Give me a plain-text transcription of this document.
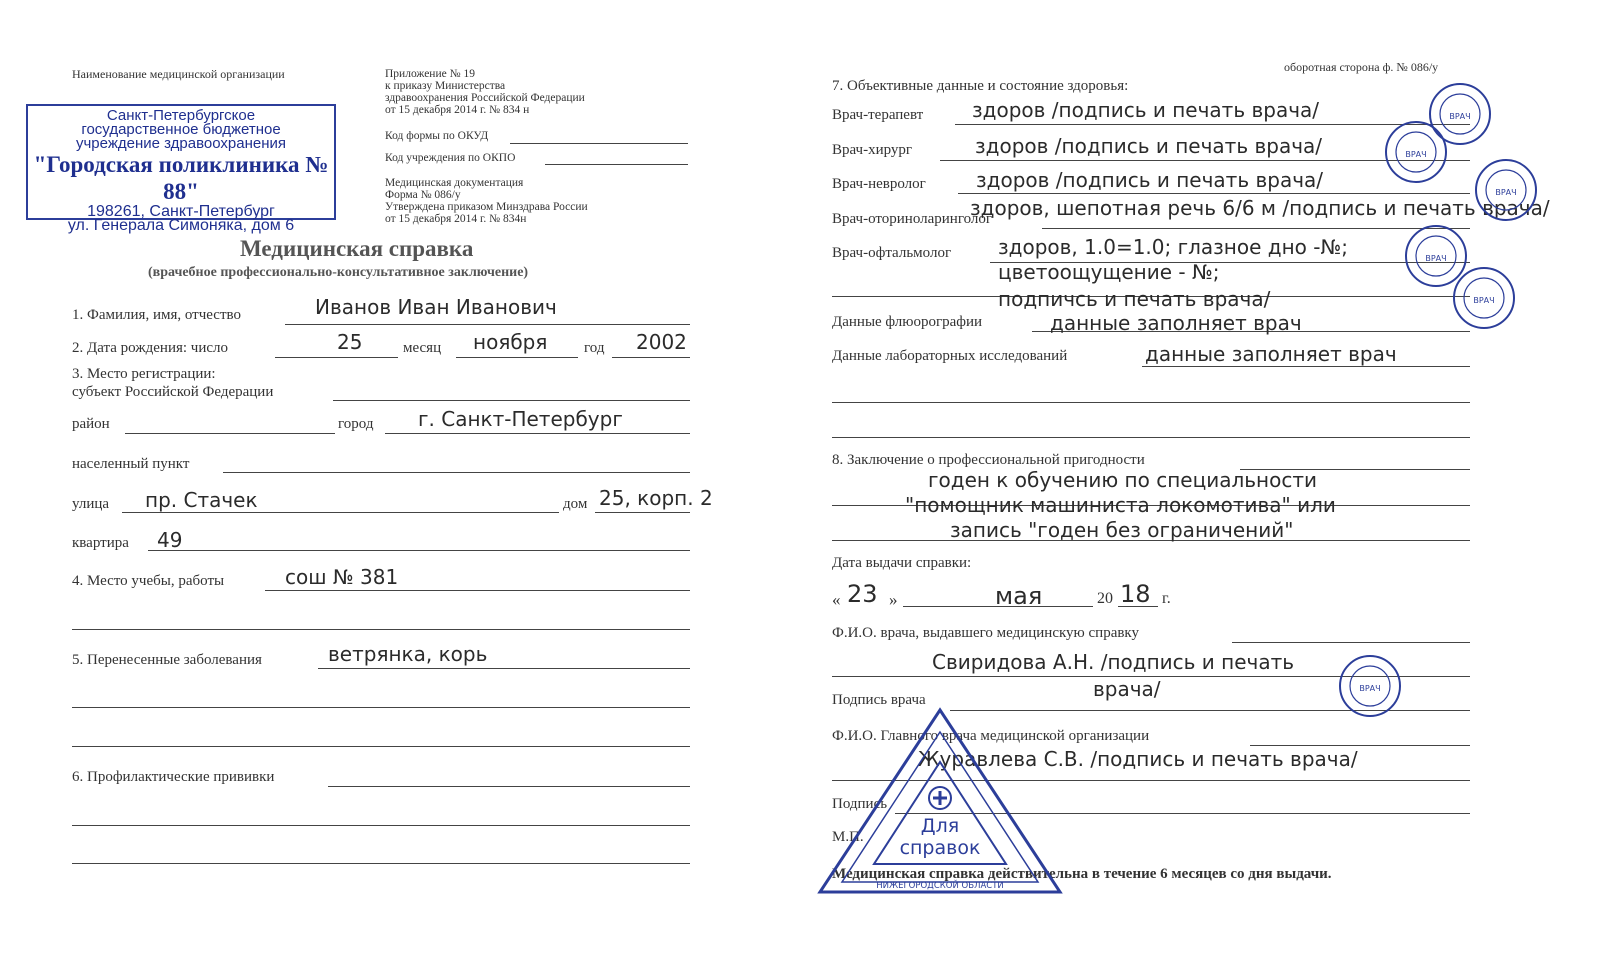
Наименование медицинской организации
Санкт-Петербургское
государственное бюджетное
учреждение здравоохранения
"Городская поликлиника № 88"
198261, Санкт-Петербург
ул. Генерала Симоняка, дом 6
Приложение № 19
к приказу Министерства
здравоохранения Российской Федерации
от 15 декабря 2014 г. № 834 н
Код формы по ОКУД
Код учреждения по ОКПО
Медицинская документация
Форма № 086/у
Утверждена приказом Минздрава России
от 15 декабря 2014 г. № 834н
Медицинская справка
(врачебное профессионально-консультативное заключение)
1. Фамилия, имя, отчество	Иванов Иван Иванович
2. Дата рождения: число	25	месяц ноября год 2002
3. Место регистрации:
субъект Российской Федерации
район	город г. Санкт-Петербург
населенный пункт
улица пр. Стачек	дом 25, корп. 2
квартира 49
4. Место учебы, работы	сош № 381
5. Перенесенные заболевания	ветрянка, корь
6. Профилактические прививки
оборотная сторона ф. № 086/у
7. Объективные данные и состояние здоровья:
Врач-терапевт здоров /подпись и печать врача/
Врач-хирург	здоров /подпись и печать врача/
Врач-невролог	здоров /подпись и печать врача/
Врач-оториноларинголог
здоров, шепотная речь 6/6 м /подпись и печать врача/
Врач-офтальмолог здоров, 1.0=1.0; глазное дно -№;
цветоощущение - №;
подпичсь и печать врача/
Данные флюорографии	данные заполняет врач
Данные лабораторных исследований	данные заполняет врач
8. Заключение о профессиональной пригодности
годен к обучению по специальности
"помощник машиниста локомотива" или
запись "годен без ограничений"
Дата выдачи справки:
« 23 »	мая	20 18 г.
Ф.И.О. врача, выдавшего медицинскую справку
Свиридова А.Н. /подпись и печать
врача/
Подпись врача
Ф.И.О. Главного врача медицинской организации
Журавлева С.В. /подпись и печать врача/
Подпись
М.П.
Медицинская справка действительна в течение 6 месяцев со дня выдачи.
ВРАЧ
ВРАЧ
ВРАЧ
ВРАЧ
ВРАЧ
ВРАЧ
Для
справок
НИЖЕГОРОДСКОЙ ОБЛАСТИ
